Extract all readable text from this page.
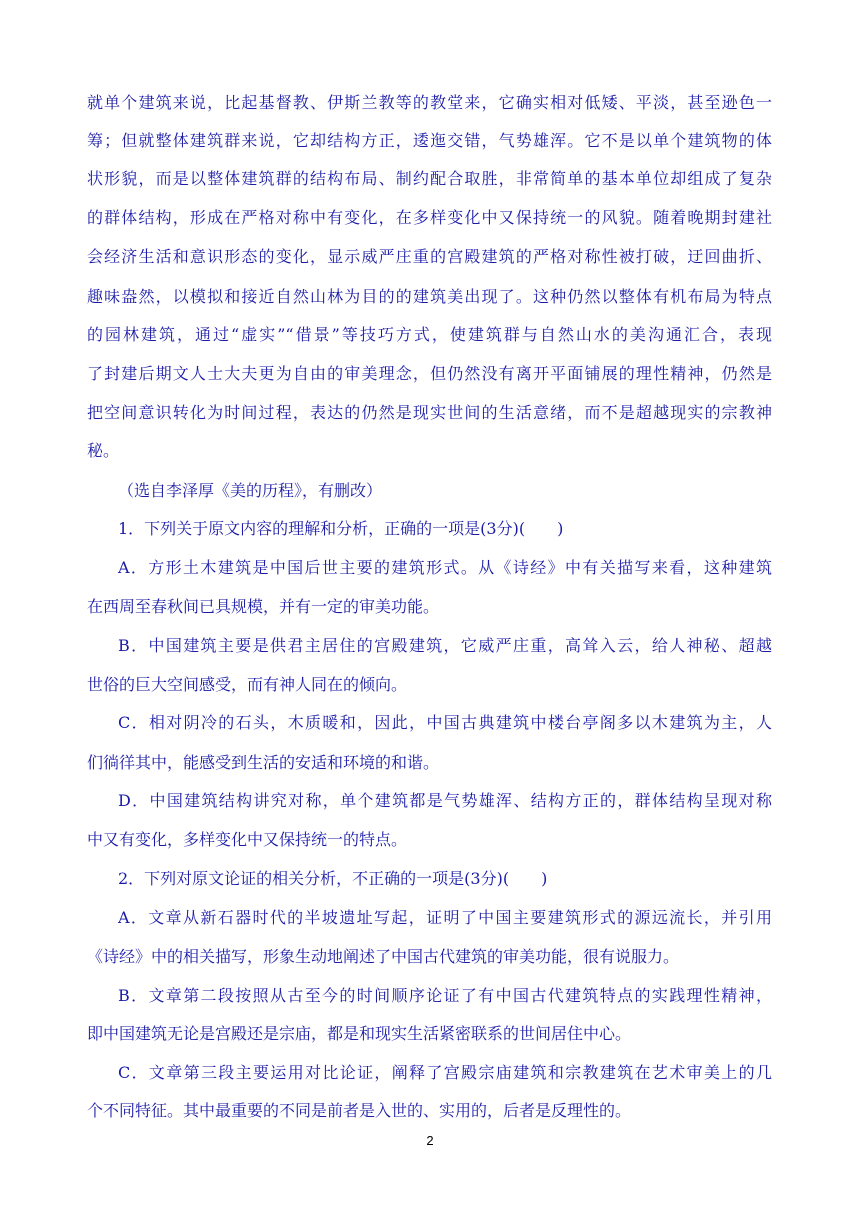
就单个建筑来说，比起基督教、伊斯兰教等的教堂来，它确实相对低矮、平淡，甚至逊色一
筹；但就整体建筑群来说，它却结构方正，逶迤交错，气势雄浑。它不是以单个建筑物的体
状形貌，而是以整体建筑群的结构布局、制约配合取胜，非常简单的基本单位却组成了复杂
的群体结构，形成在严格对称中有变化，在多样变化中又保持统一的风貌。随着晚期封建社
会经济生活和意识形态的变化，显示威严庄重的宫殿建筑的严格对称性被打破，迂回曲折、
趣味盎然，以模拟和接近自然山林为目的的建筑美出现了。这种仍然以整体有机布局为特点
的园林建筑，通过“虚实”“借景”等技巧方式，使建筑群与自然山水的美沟通汇合，表现
了封建后期文人士大夫更为自由的审美理念，但仍然没有离开平面铺展的理性精神，仍然是
把空间意识转化为时间过程，表达的仍然是现实世间的生活意绪，而不是超越现实的宗教神
秘。
（选自李泽厚《美的历程》，有删改）
1．下列关于原文内容的理解和分析，正确的一项是(3分)(　　)
A．方形土木建筑是中国后世主要的建筑形式。从《诗经》中有关描写来看，这种建筑
在西周至春秋间已具规模，并有一定的审美功能。
B．中国建筑主要是供君主居住的宫殿建筑，它威严庄重，高耸入云，给人神秘、超越
世俗的巨大空间感受，而有神人同在的倾向。
C．相对阴冷的石头，木质暖和，因此，中国古典建筑中楼台亭阁多以木建筑为主，人
们徜徉其中，能感受到生活的安适和环境的和谐。
D．中国建筑结构讲究对称，单个建筑都是气势雄浑、结构方正的，群体结构呈现对称
中又有变化，多样变化中又保持统一的特点。
2．下列对原文论证的相关分析，不正确的一项是(3分)(　　)
A．文章从新石器时代的半坡遗址写起，证明了中国主要建筑形式的源远流长，并引用
《诗经》中的相关描写，形象生动地阐述了中国古代建筑的审美功能，很有说服力。
B．文章第二段按照从古至今的时间顺序论证了有中国古代建筑特点的实践理性精神，
即中国建筑无论是宫殿还是宗庙，都是和现实生活紧密联系的世间居住中心。
C．文章第三段主要运用对比论证，阐释了宫殿宗庙建筑和宗教建筑在艺术审美上的几
个不同特征。其中最重要的不同是前者是入世的、实用的，后者是反理性的。
2
